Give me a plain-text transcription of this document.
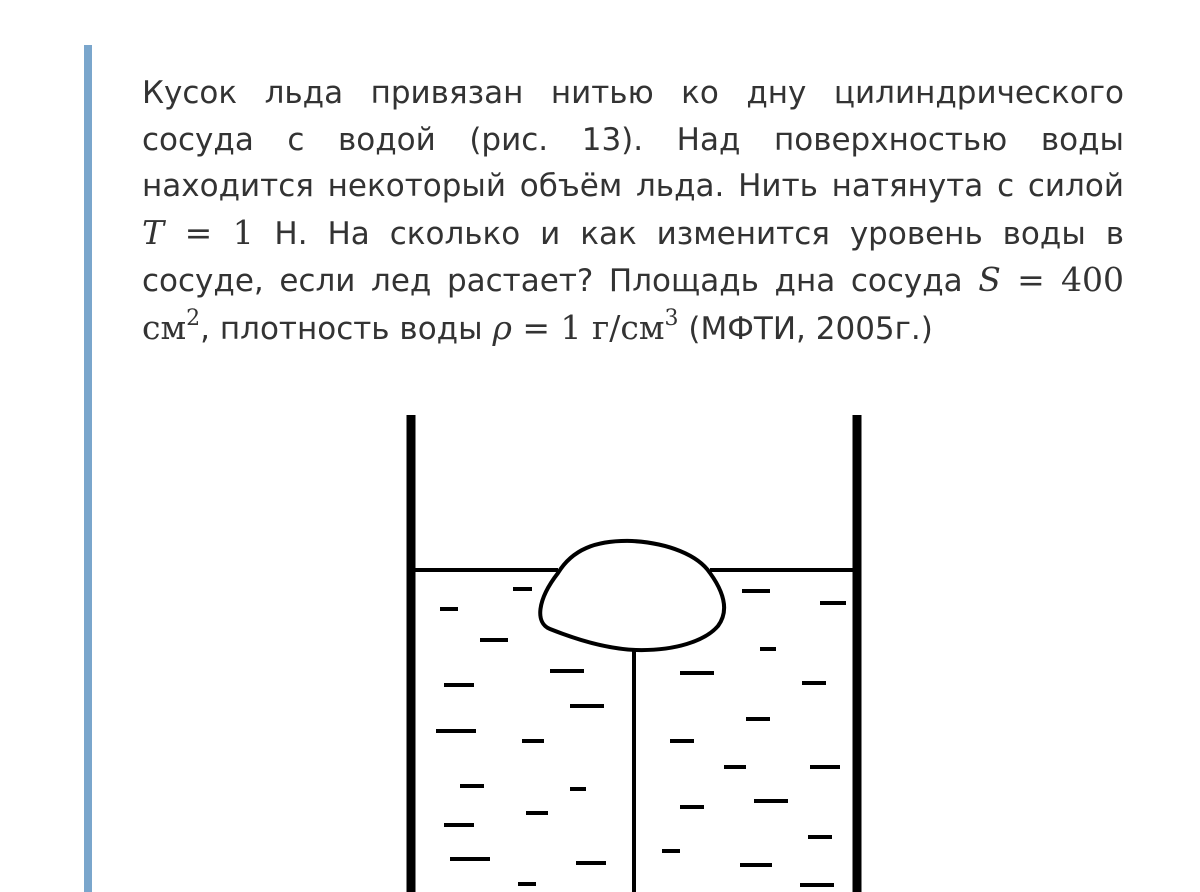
Кусок льда привязан нитью ко дну цилиндрического сосуда с водой (рис. 13). Над поверхностью воды находится некоторый объём льда. Нить натянута с силой T = 1 Н. На сколько и как изменится уровень воды в сосуде, если лед растает? Площадь дна сосуда S = 400 $см^2$, плотность воды ρ = 1 $г/см^3$ (МФТИ, 2005г.)
